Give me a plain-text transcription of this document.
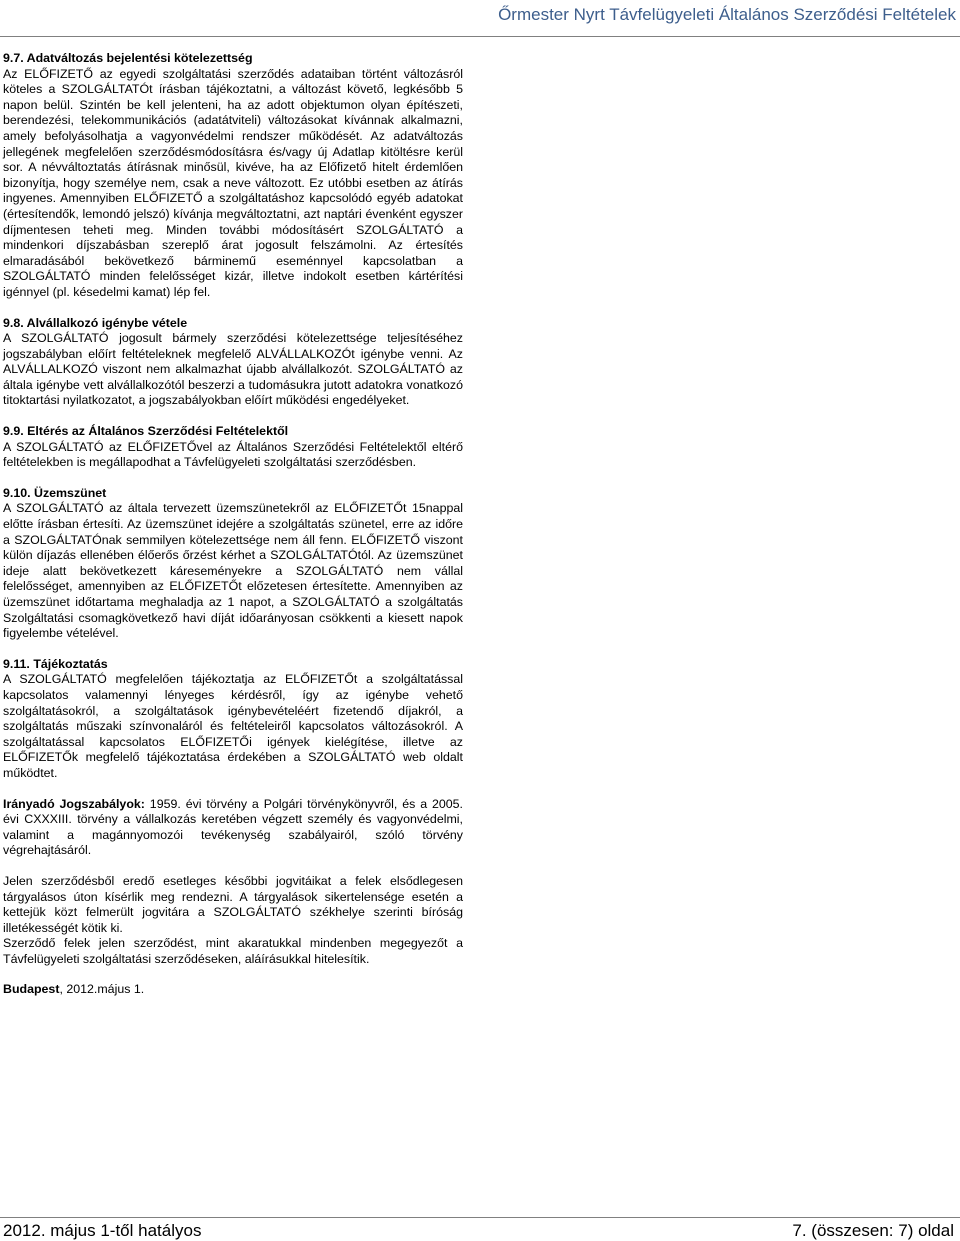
Őrmester Nyrt Távfelügyeleti Általános Szerződési Feltételek

9.7. Adatváltozás bejelentési kötelezettség

Az ELŐFIZETŐ az egyedi szolgáltatási szerződés adataiban történt változásról köteles a SZOLGÁLTATÓt írásban tájékoztatni, a változást követő, legkésőbb 5 napon belül. Szintén be kell jelenteni, ha az adott objektumon olyan építészeti, berendezési, telekommunikációs (adatátviteli) változásokat kívánnak alkalmazni, amely befolyásolhatja a vagyonvédelmi rendszer működését. Az adatváltozás jellegének megfelelően szerződésmódosításra és/vagy új Adatlap kitöltésre kerül sor. A névváltoztatás átírásnak minősül, kivéve, ha az Előfizető hitelt érdemlően bizonyítja, hogy személye nem, csak a neve változott. Ez utóbbi esetben az átírás ingyenes. Amennyiben ELŐFIZETŐ a szolgáltatáshoz kapcsolódó egyéb adatokat (értesítendők, lemondó jelszó) kívánja megváltoztatni, azt naptári évenként egyszer díjmentesen teheti meg. Minden további módosításért SZOLGÁLTATÓ a mindenkori díjszabásban szereplő árat jogosult felszámolni. Az értesítés elmaradásából bekövetkező bárminemű eseménnyel kapcsolatban a SZOLGÁLTATÓ minden felelősséget kizár, illetve indokolt esetben kártérítési igénnyel (pl. késedelmi kamat) lép fel.

9.8. Alvállalkozó igénybe vétele

A SZOLGÁLTATÓ jogosult bármely szerződési kötelezettsége teljesítéséhez jogszabályban előírt feltételeknek megfelelő ALVÁLLALKOZÓt igénybe venni. Az ALVÁLLALKOZÓ viszont nem alkalmazhat újabb alvállalkozót. SZOLGÁLTATÓ az általa igénybe vett alvállalkozótól beszerzi a tudomásukra jutott adatokra vonatkozó titoktartási nyilatkozatot, a jogszabályokban előírt működési engedélyeket.

9.9. Eltérés az Általános Szerződési Feltételektől

A SZOLGÁLTATÓ az ELŐFIZETŐvel az Általános Szerződési Feltételektől eltérő feltételekben is megállapodhat a Távfelügyeleti szolgáltatási szerződésben.

9.10. Üzemszünet

A SZOLGÁLTATÓ az általa tervezett üzemszünetekről az ELŐFIZETŐt 15nappal előtte írásban értesíti. Az üzemszünet idejére a szolgáltatás szünetel, erre az időre a SZOLGÁLTATÓnak semmilyen kötelezettsége nem áll fenn. ELŐFIZETŐ viszont külön díjazás ellenében élőerős őrzést kérhet a SZOLGÁLTATÓtól. Az üzemszünet ideje alatt bekövetkezett káreseményekre a SZOLGÁLTATÓ nem vállal felelősséget, amennyiben az ELŐFIZETŐt előzetesen értesítette. Amennyiben az üzemszünet időtartama meghaladja az 1 napot, a SZOLGÁLTATÓ a szolgáltatás Szolgáltatási csomagkövetkező havi díját időarányosan csökkenti a kiesett napok figyelembe vételével.

9.11. Tájékoztatás

A SZOLGÁLTATÓ megfelelően tájékoztatja az ELŐFIZETŐt a szolgáltatással kapcsolatos valamennyi lényeges kérdésről, így az igénybe vehető szolgáltatásokról, a szolgáltatások igénybevételéért fizetendő díjakról, a szolgáltatás műszaki színvonaláról és feltételeiről kapcsolatos változásokról. A szolgáltatással kapcsolatos ELŐFIZETŐi igények kielégítése, illetve az ELŐFIZETŐk megfelelő tájékoztatása érdekében a SZOLGÁLTATÓ web oldalt működtet.

Irányadó Jogszabályok: 1959. évi törvény a Polgári törvénykönyvről, és a 2005. évi CXXXIII. törvény a vállalkozás keretében végzett személy és vagyonvédelmi, valamint a magánnyomozói tevékenység szabályairól, szóló törvény végrehajtásáról.

Jelen szerződésből eredő esetleges későbbi jogvitáikat a felek elsődlegesen tárgyalásos úton kísérlik meg rendezni. A tárgyalások sikertelensége esetén a kettejük közt felmerült jogvitára a SZOLGÁLTATÓ székhelye szerinti bíróság illetékességét kötik ki.

Szerződő felek jelen szerződést, mint akaratukkal mindenben megegyezőt a Távfelügyeleti szolgáltatási szerződéseken, aláírásukkal hitelesítik.

Budapest, 2012.május 1.

2012. május 1-től hatályos	7. (összesen: 7) oldal
